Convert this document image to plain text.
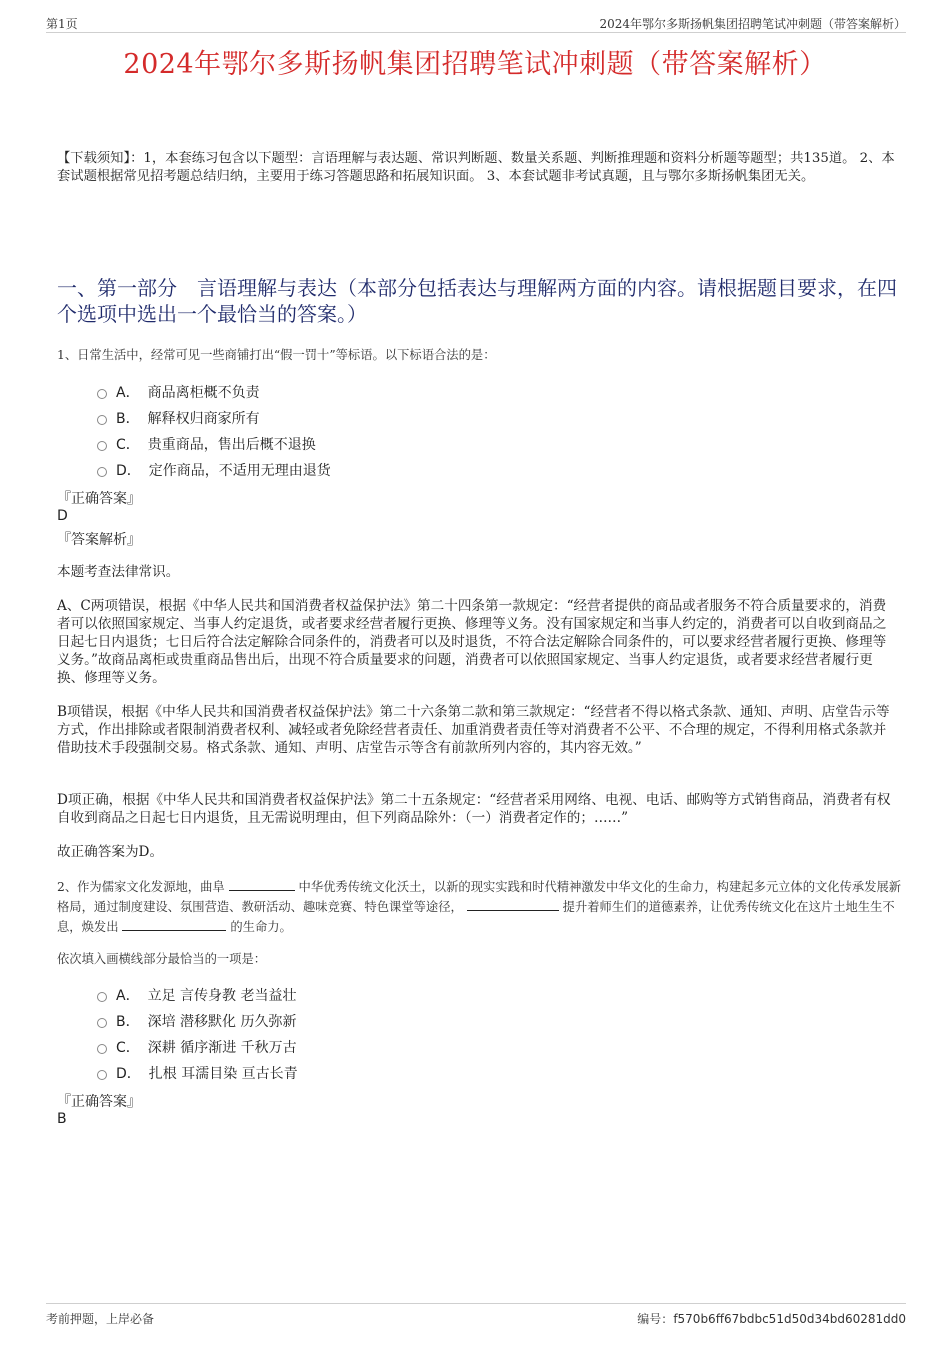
第1页	2024年鄂尔多斯扬帆集团招聘笔试冲刺题（带答案解析）
2024年鄂尔多斯扬帆集团招聘笔试冲刺题（带答案解析）
【下载须知】：1，本套练习包含以下题型：言语理解与表达题、常识判断题、数量关系题、判断推理题和资料分析题等题型；共135道。 2、本套试题根据常见招考题总结归纳，主要用于练习答题思路和拓展知识面。 3、本套试题非考试真题，且与鄂尔多斯扬帆集团无关。
一、第一部分　言语理解与表达（本部分包括表达与理解两方面的内容。请根据题目要求，在四个选项中选出一个最恰当的答案。）
1、日常生活中，经常可见一些商铺打出“假一罚十”等标语。以下标语合法的是：
A． 商品离柜概不负责
B． 解释权归商家所有
C． 贵重商品，售出后概不退换
D． 定作商品，不适用无理由退货
『正确答案』
D
『答案解析』
本题考查法律常识。
A、C两项错误，根据《中华人民共和国消费者权益保护法》第二十四条第一款规定：“经营者提供的商品或者服务不符合质量要求的，消费者可以依照国家规定、当事人约定退货，或者要求经营者履行更换、修理等义务。没有国家规定和当事人约定的，消费者可以自收到商品之日起七日内退货；七日后符合法定解除合同条件的，消费者可以及时退货，不符合法定解除合同条件的，可以要求经营者履行更换、修理等义务。”故商品离柜或贵重商品售出后，出现不符合质量要求的问题，消费者可以依照国家规定、当事人约定退货，或者要求经营者履行更换、修理等义务。
B项错误，根据《中华人民共和国消费者权益保护法》第二十六条第二款和第三款规定：“经营者不得以格式条款、通知、声明、店堂告示等方式，作出排除或者限制消费者权利、减轻或者免除经营者责任、加重消费者责任等对消费者不公平、不合理的规定，不得利用格式条款并借助技术手段强制交易。格式条款、通知、声明、店堂告示等含有前款所列内容的，其内容无效。”
D项正确，根据《中华人民共和国消费者权益保护法》第二十五条规定：“经营者采用网络、电视、电话、邮购等方式销售商品，消费者有权自收到商品之日起七日内退货，且无需说明理由，但下列商品除外：（一）消费者定作的；……”
故正确答案为D。
2、作为儒家文化发源地，曲阜	中华优秀传统文化沃土，以新的现实实践和时代精神激发中华文化的生命力，构建起多元立体的文化传承发展新格局，通过制度建设、氛围营造、教研活动、趣味竞赛、特色课堂等途径，	提升着师生们的道德素养，让优秀传统文化在这片土地生生不息，焕发出	的生命力。
依次填入画横线部分最恰当的一项是：
A． 立足 言传身教 老当益壮
B． 深培 潜移默化 历久弥新
C． 深耕 循序渐进 千秋万古
D． 扎根 耳濡目染 亘古长青
『正确答案』
B
考前押题，上岸必备	编号：f570b6ff67bdbc51d50d34bd60281dd0
